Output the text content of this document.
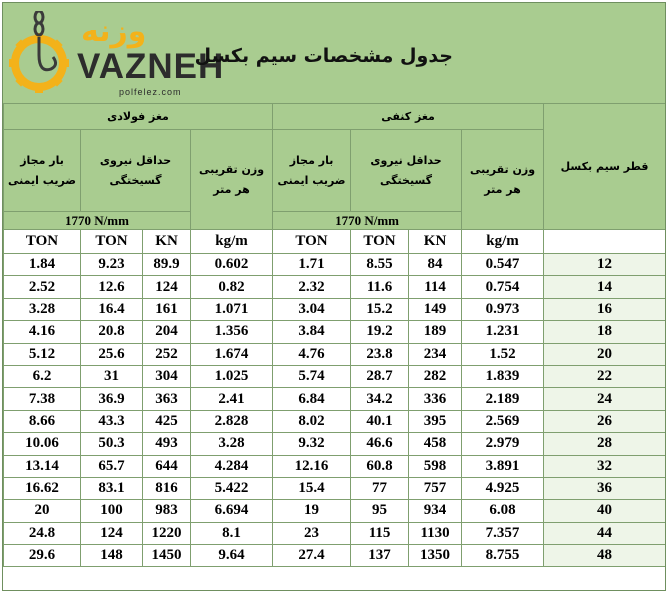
وزنه
VAZNEH
polfelez.com
جدول مشخصات سیم بکسل
قطر سیم بکسل	مغز کنفی				مغز فولادی			
	وزن تقریبی هر متر	حداقل نیروی گسیختگی		بار مجاز ضریب ایمنی	وزن تقریبی هر متر	حداقل نیروی گسیختگی		بار مجاز ضریب ایمنی
		1770 N/mm				1770 N/mm		
	kg/m	KN	TON	TON	kg/m	KN	TON	TON
12	0.547	84	8.55	1.71	0.602	89.9	9.23	1.84
14	0.754	114	11.6	2.32	0.82	124	12.6	2.52
16	0.973	149	15.2	3.04	1.071	161	16.4	3.28
18	1.231	189	19.2	3.84	1.356	204	20.8	4.16
20	1.52	234	23.8	4.76	1.674	252	25.6	5.12
22	1.839	282	28.7	5.74	1.025	304	31	6.2
24	2.189	336	34.2	6.84	2.41	363	36.9	7.38
26	2.569	395	40.1	8.02	2.828	425	43.3	8.66
28	2.979	458	46.6	9.32	3.28	493	50.3	10.06
32	3.891	598	60.8	12.16	4.284	644	65.7	13.14
36	4.925	757	77	15.4	5.422	816	83.1	16.62
40	6.08	934	95	19	6.694	983	100	20
44	7.357	1130	115	23	8.1	1220	124	24.8
48	8.755	1350	137	27.4	9.64	1450	148	29.6
